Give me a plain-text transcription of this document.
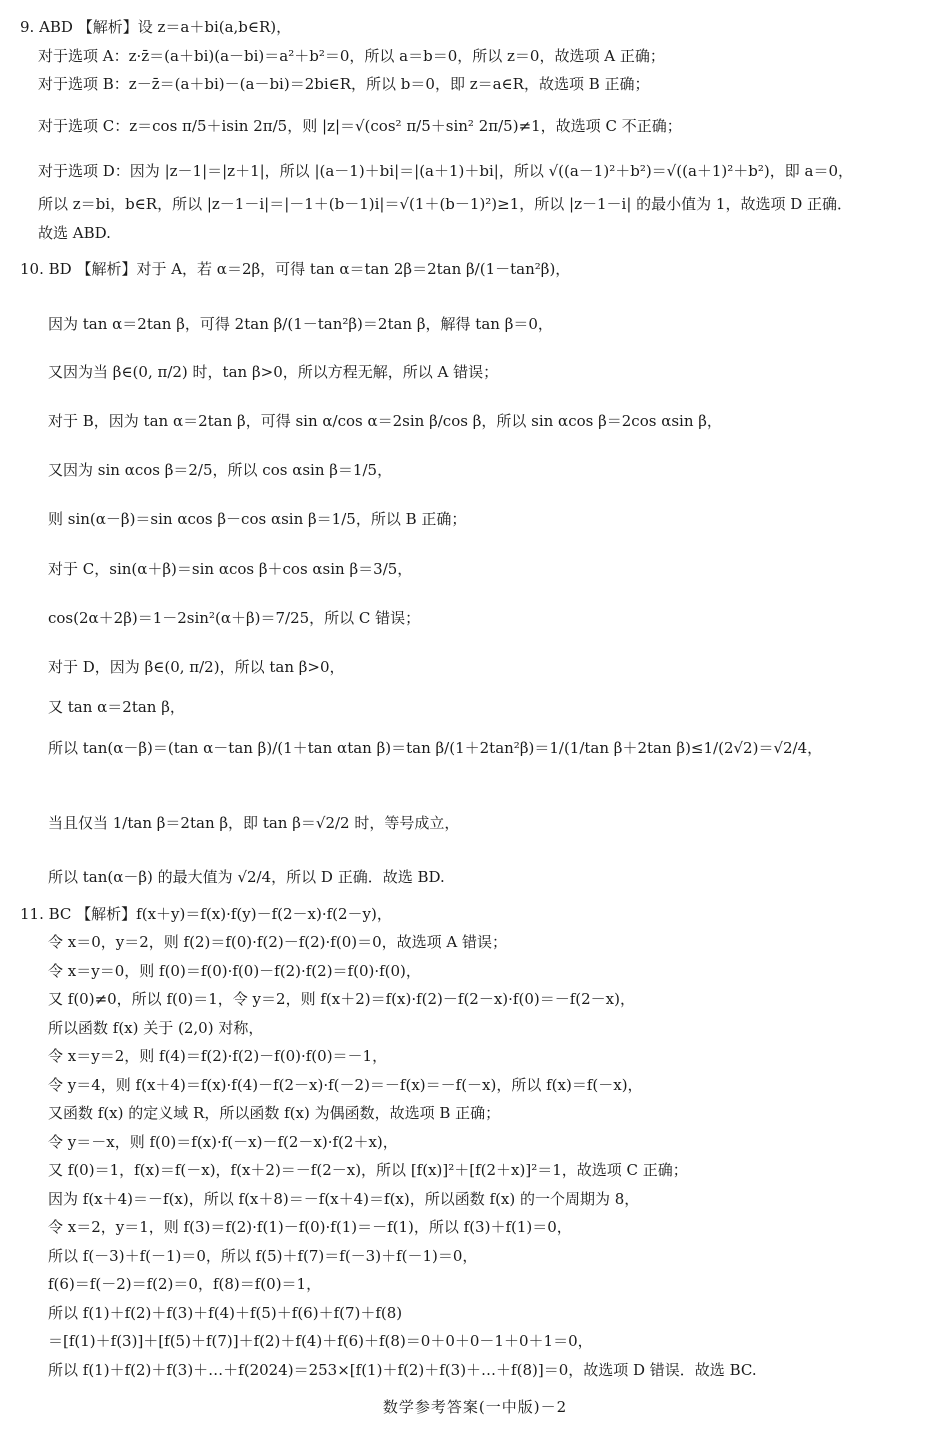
9. ABD 【解析】设 z＝a＋bi(a,b∈R)，
对于选项 A：z·z̄＝(a＋bi)(a－bi)＝a²＋b²＝0，所以 a＝b＝0，所以 z＝0，故选项 A 正确；
对于选项 B：z－z̄＝(a＋bi)－(a－bi)＝2bi∈R，所以 b＝0，即 z＝a∈R，故选项 B 正确；
对于选项 C：z＝cos π/5＋isin 2π/5，则 |z|＝√(cos² π/5＋sin² 2π/5)≠1，故选项 C 不正确；
对于选项 D：因为 |z－1|＝|z＋1|，所以 |(a－1)＋bi|＝|(a＋1)＋bi|，所以 √((a－1)²＋b²)＝√((a＋1)²＋b²)，即 a＝0，
所以 z＝bi，b∈R，所以 |z－1－i|＝|－1＋(b－1)i|＝√(1＋(b－1)²)≥1，所以 |z－1－i| 的最小值为 1，故选项 D 正确．
故选 ABD.
10. BD 【解析】对于 A，若 α＝2β，可得 tan α＝tan 2β＝2tan β/(1－tan²β)，
因为 tan α＝2tan β，可得 2tan β/(1－tan²β)＝2tan β，解得 tan β＝0，
又因为当 β∈(0, π/2) 时，tan β>0，所以方程无解，所以 A 错误；
对于 B，因为 tan α＝2tan β，可得 sin α/cos α＝2sin β/cos β，所以 sin αcos β＝2cos αsin β，
又因为 sin αcos β＝2/5，所以 cos αsin β＝1/5，
则 sin(α－β)＝sin αcos β－cos αsin β＝1/5，所以 B 正确；
对于 C，sin(α＋β)＝sin αcos β＋cos αsin β＝3/5，
cos(2α＋2β)＝1－2sin²(α＋β)＝7/25，所以 C 错误；
对于 D，因为 β∈(0, π/2)，所以 tan β>0，
又 tan α＝2tan β，
所以 tan(α－β)＝(tan α－tan β)/(1＋tan αtan β)＝tan β/(1＋2tan²β)＝1/(1/tan β＋2tan β)≤1/(2√2)＝√2/4，
当且仅当 1/tan β＝2tan β，即 tan β＝√2/2 时，等号成立，
所以 tan(α－β) 的最大值为 √2/4，所以 D 正确．故选 BD.
11. BC 【解析】f(x＋y)＝f(x)·f(y)－f(2－x)·f(2－y)，
令 x＝0，y＝2，则 f(2)＝f(0)·f(2)－f(2)·f(0)＝0，故选项 A 错误；
令 x＝y＝0，则 f(0)＝f(0)·f(0)－f(2)·f(2)＝f(0)·f(0)，
又 f(0)≠0，所以 f(0)＝1，令 y＝2，则 f(x＋2)＝f(x)·f(2)－f(2－x)·f(0)＝－f(2－x)，
所以函数 f(x) 关于 (2,0) 对称，
令 x＝y＝2，则 f(4)＝f(2)·f(2)－f(0)·f(0)＝－1，
令 y＝4，则 f(x＋4)＝f(x)·f(4)－f(2－x)·f(－2)＝－f(x)＝－f(－x)，所以 f(x)＝f(－x)，
又函数 f(x) 的定义域 R，所以函数 f(x) 为偶函数，故选项 B 正确；
令 y＝－x，则 f(0)＝f(x)·f(－x)－f(2－x)·f(2＋x)，
又 f(0)＝1，f(x)＝f(－x)，f(x＋2)＝－f(2－x)，所以 [f(x)]²＋[f(2＋x)]²＝1，故选项 C 正确；
因为 f(x＋4)＝－f(x)，所以 f(x＋8)＝－f(x＋4)＝f(x)，所以函数 f(x) 的一个周期为 8，
令 x＝2，y＝1，则 f(3)＝f(2)·f(1)－f(0)·f(1)＝－f(1)，所以 f(3)＋f(1)＝0，
所以 f(－3)＋f(－1)＝0，所以 f(5)＋f(7)＝f(－3)＋f(－1)＝0，
f(6)＝f(－2)＝f(2)＝0，f(8)＝f(0)＝1，
所以 f(1)＋f(2)＋f(3)＋f(4)＋f(5)＋f(6)＋f(7)＋f(8)
＝[f(1)＋f(3)]＋[f(5)＋f(7)]＋f(2)＋f(4)＋f(6)＋f(8)＝0＋0＋0－1＋0＋1＝0，
所以 f(1)＋f(2)＋f(3)＋…＋f(2024)＝253×[f(1)＋f(2)＋f(3)＋…＋f(8)]＝0，故选项 D 错误．故选 BC.
数学参考答案(一中版)－2
